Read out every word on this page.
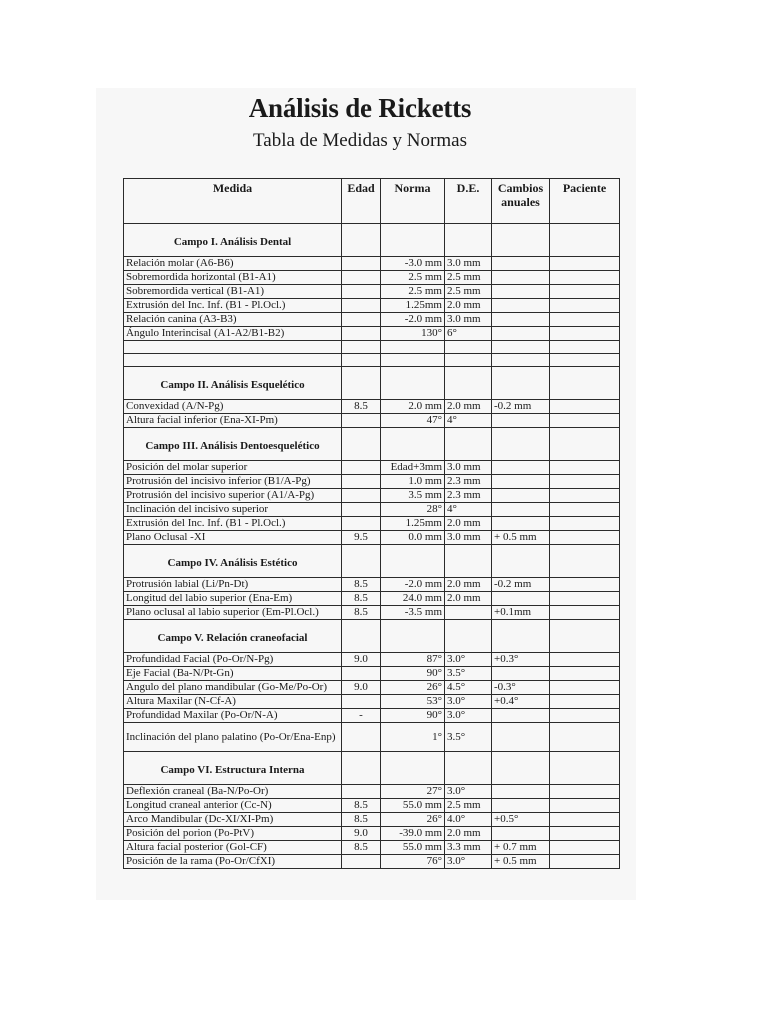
Análisis de Ricketts
Tabla de Medidas y Normas
Medida	Edad	Norma	D.E.	Cambios anuales	Paciente
Campo I. Análisis Dental					
Relación molar (A6-B6)		-3.0 mm	3.0 mm		
Sobremordida horizontal (B1-A1)		2.5 mm	2.5 mm		
Sobremordida vertical (B1-A1)		2.5 mm	2.5 mm		
Extrusión del Inc. Inf. (B1 - Pl.Ocl.)		1.25mm	2.0 mm		
Relación canina (A3-B3)		-2.0 mm	3.0 mm		
Ángulo Interincisal (A1-A2/B1-B2)		130°	6°		

Campo II. Análisis Esquelético					
Convexidad (A/N-Pg)	8.5	2.0 mm	2.0 mm	-0.2 mm	
Altura facial inferior (Ena-XI-Pm)		47°	4°		
Campo III. Análisis Dentoesquelético					
Posición del molar superior		Edad+3mm	3.0 mm		
Protrusión del incisivo inferior (B1/A-Pg)		1.0 mm	2.3 mm		
Protrusión del incisivo superior (A1/A-Pg)		3.5 mm	2.3 mm		
Inclinación del incisivo superior		28°	4°		
Extrusión del Inc. Inf. (B1 - Pl.Ocl.)		1.25mm	2.0 mm		
Plano Oclusal -XI	9.5	0.0 mm	3.0 mm	+ 0.5 mm	
Campo IV. Análisis Estético					
Protrusión labial (Li/Pn-Dt)	8.5	-2.0 mm	2.0 mm	-0.2 mm	
Longitud del labio superior (Ena-Em)	8.5	24.0 mm	2.0 mm		
Plano oclusal al labio superior (Em-Pl.Ocl.)	8.5	-3.5 mm		+0.1mm	
Campo V. Relación craneofacial					
Profundidad Facial (Po-Or/N-Pg)	9.0	87°	3.0°	+0.3°	
Eje Facial (Ba-N/Pt-Gn)		90°	3.5°		
Angulo del plano mandibular (Go-Me/Po-Or)	9.0	26°	4.5°	-0.3°	
Altura Maxilar (N-Cf-A)		53°	3.0°	+0.4°	
Profundidad Maxilar (Po-Or/N-A)	-	90°	3.0°		
Inclinación del plano palatino (Po-Or/Ena-Enp)		1°	3.5°		
Campo VI. Estructura Interna					
Deflexión craneal (Ba-N/Po-Or)		27°	3.0°		
Longitud craneal anterior (Cc-N)	8.5	55.0 mm	2.5 mm		
Arco Mandibular (Dc-XI/XI-Pm)	8.5	26°	4.0°	+0.5°	
Posición del porion (Po-PtV)	9.0	-39.0 mm	2.0 mm		
Altura facial posterior (Gol-CF)	8.5	55.0 mm	3.3 mm	+ 0.7 mm	
Posición de la rama (Po-Or/CfXI)		76°	3.0°	+ 0.5 mm	
